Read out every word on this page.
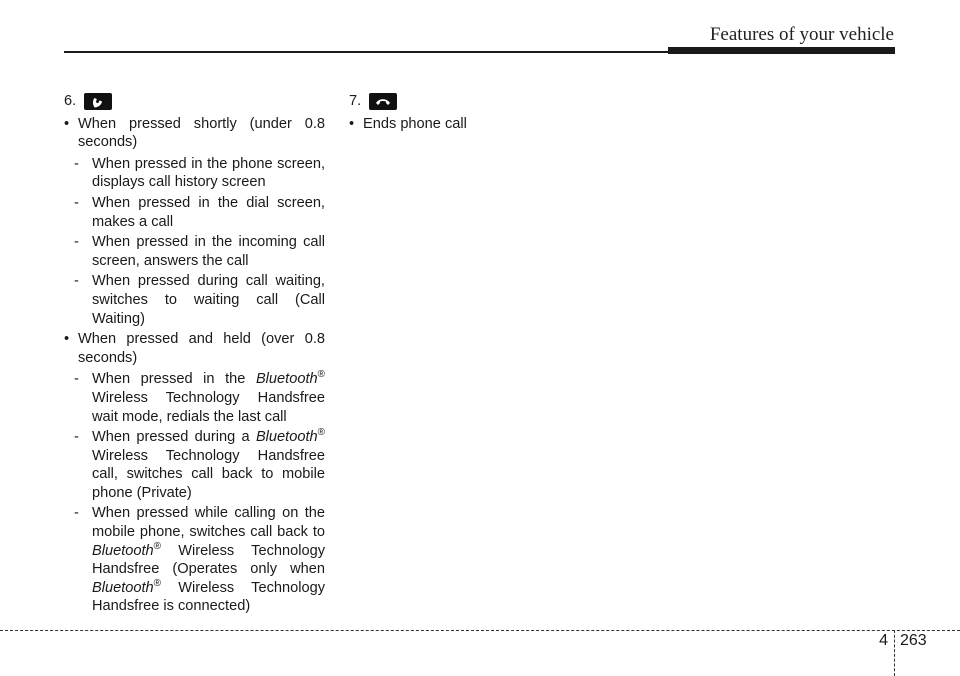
Features of your vehicle
6.
• When pressed shortly (under 0.8 seconds)
- When pressed in the phone screen, displays call history screen
- When pressed in the dial screen, makes a call
- When pressed in the incoming call screen, answers the call
- When pressed during call waiting, switches to waiting call (Call Waiting)
• When pressed and held (over 0.8 seconds)
- When pressed in the Bluetooth® Wireless Technology Handsfree wait mode, redials the last call
- When pressed during a Bluetooth® Wireless Technology Handsfree call, switches call back to mobile phone (Private)
- When pressed while calling on the mobile phone, switches call back to Bluetooth® Wireless Technology Handsfree (Operates only when Bluetooth® Wireless Technology Handsfree is connected)
7.
• Ends phone call
4 263
